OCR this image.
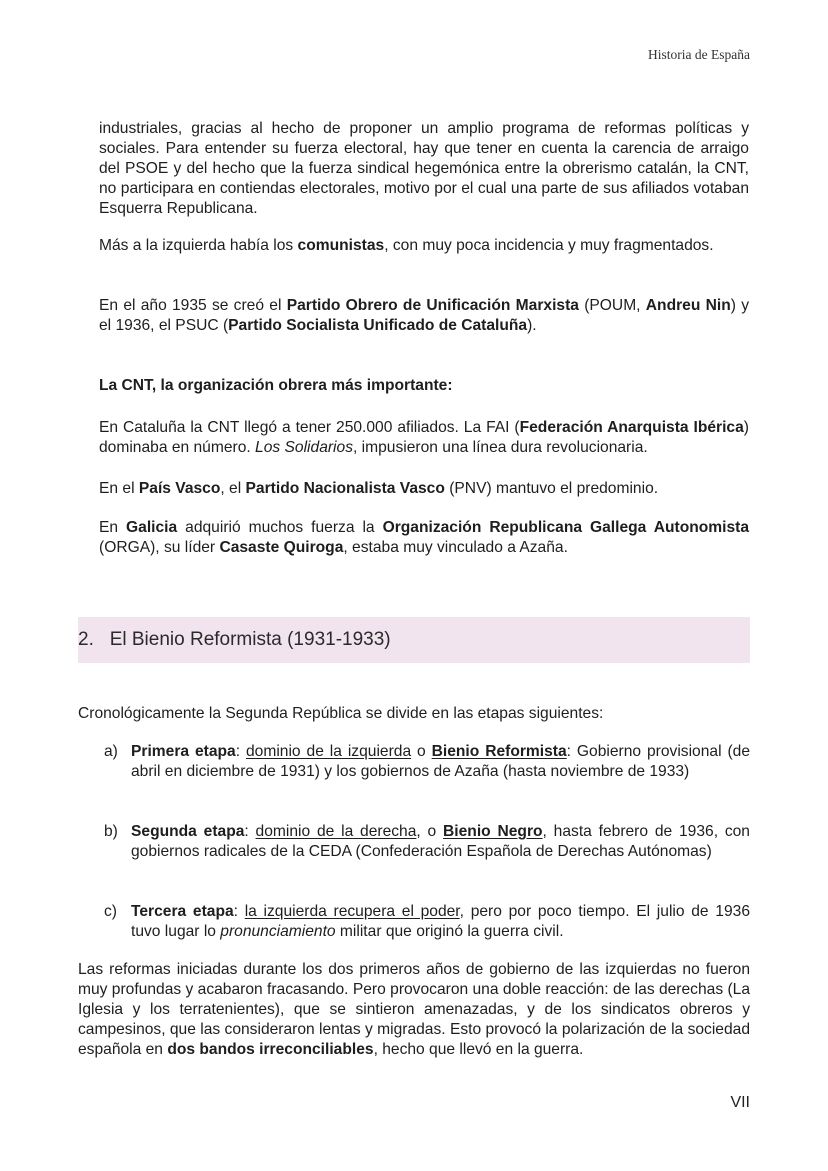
Historia de España

industriales, gracias al hecho de proponer un amplio programa de reformas políticas y sociales. Para entender su fuerza electoral, hay que tener en cuenta la carencia de arraigo del PSOE y del hecho que la fuerza sindical hegemónica entre la obrerismo catalán, la CNT, no participara en contiendas electorales, motivo por el cual una parte de sus afiliados votaban Esquerra Republicana.

Más a la izquierda había los comunistas, con muy poca incidencia y muy fragmentados.

En el año 1935 se creó el Partido Obrero de Unificación Marxista (POUM, Andreu Nin) y el 1936, el PSUC (Partido Socialista Unificado de Cataluña).

La CNT, la organización obrera más importante:

En Cataluña la CNT llegó a tener 250.000 afiliados. La FAI (Federación Anarquista Ibérica) dominaba en número. Los Solidarios, impusieron una línea dura revolucionaria.

En el País Vasco, el Partido Nacionalista Vasco (PNV) mantuvo el predominio.

En Galicia adquirió muchos fuerza la Organización Republicana Gallega Autonomista (ORGA), su líder Casaste Quiroga, estaba muy vinculado a Azaña.

2. El Bienio Reformista (1931-1933)

Cronológicamente la Segunda República se divide en las etapas siguientes:

a) Primera etapa: dominio de la izquierda o Bienio Reformista: Gobierno provisional (de abril en diciembre de 1931) y los gobiernos de Azaña (hasta noviembre de 1933)

b) Segunda etapa: dominio de la derecha, o Bienio Negro, hasta febrero de 1936, con gobiernos radicales de la CEDA (Confederación Española de Derechas Autónomas)

c) Tercera etapa: la izquierda recupera el poder, pero por poco tiempo. El julio de 1936 tuvo lugar lo pronunciamiento militar que originó la guerra civil.

Las reformas iniciadas durante los dos primeros años de gobierno de las izquierdas no fueron muy profundas y acabaron fracasando. Pero provocaron una doble reacción: de las derechas (La Iglesia y los terratenientes), que se sintieron amenazadas, y de los sindicatos obreros y campesinos, que las consideraron lentas y migradas. Esto provocó la polarización de la sociedad española en dos bandos irreconciliables, hecho que llevó en la guerra.

VII
